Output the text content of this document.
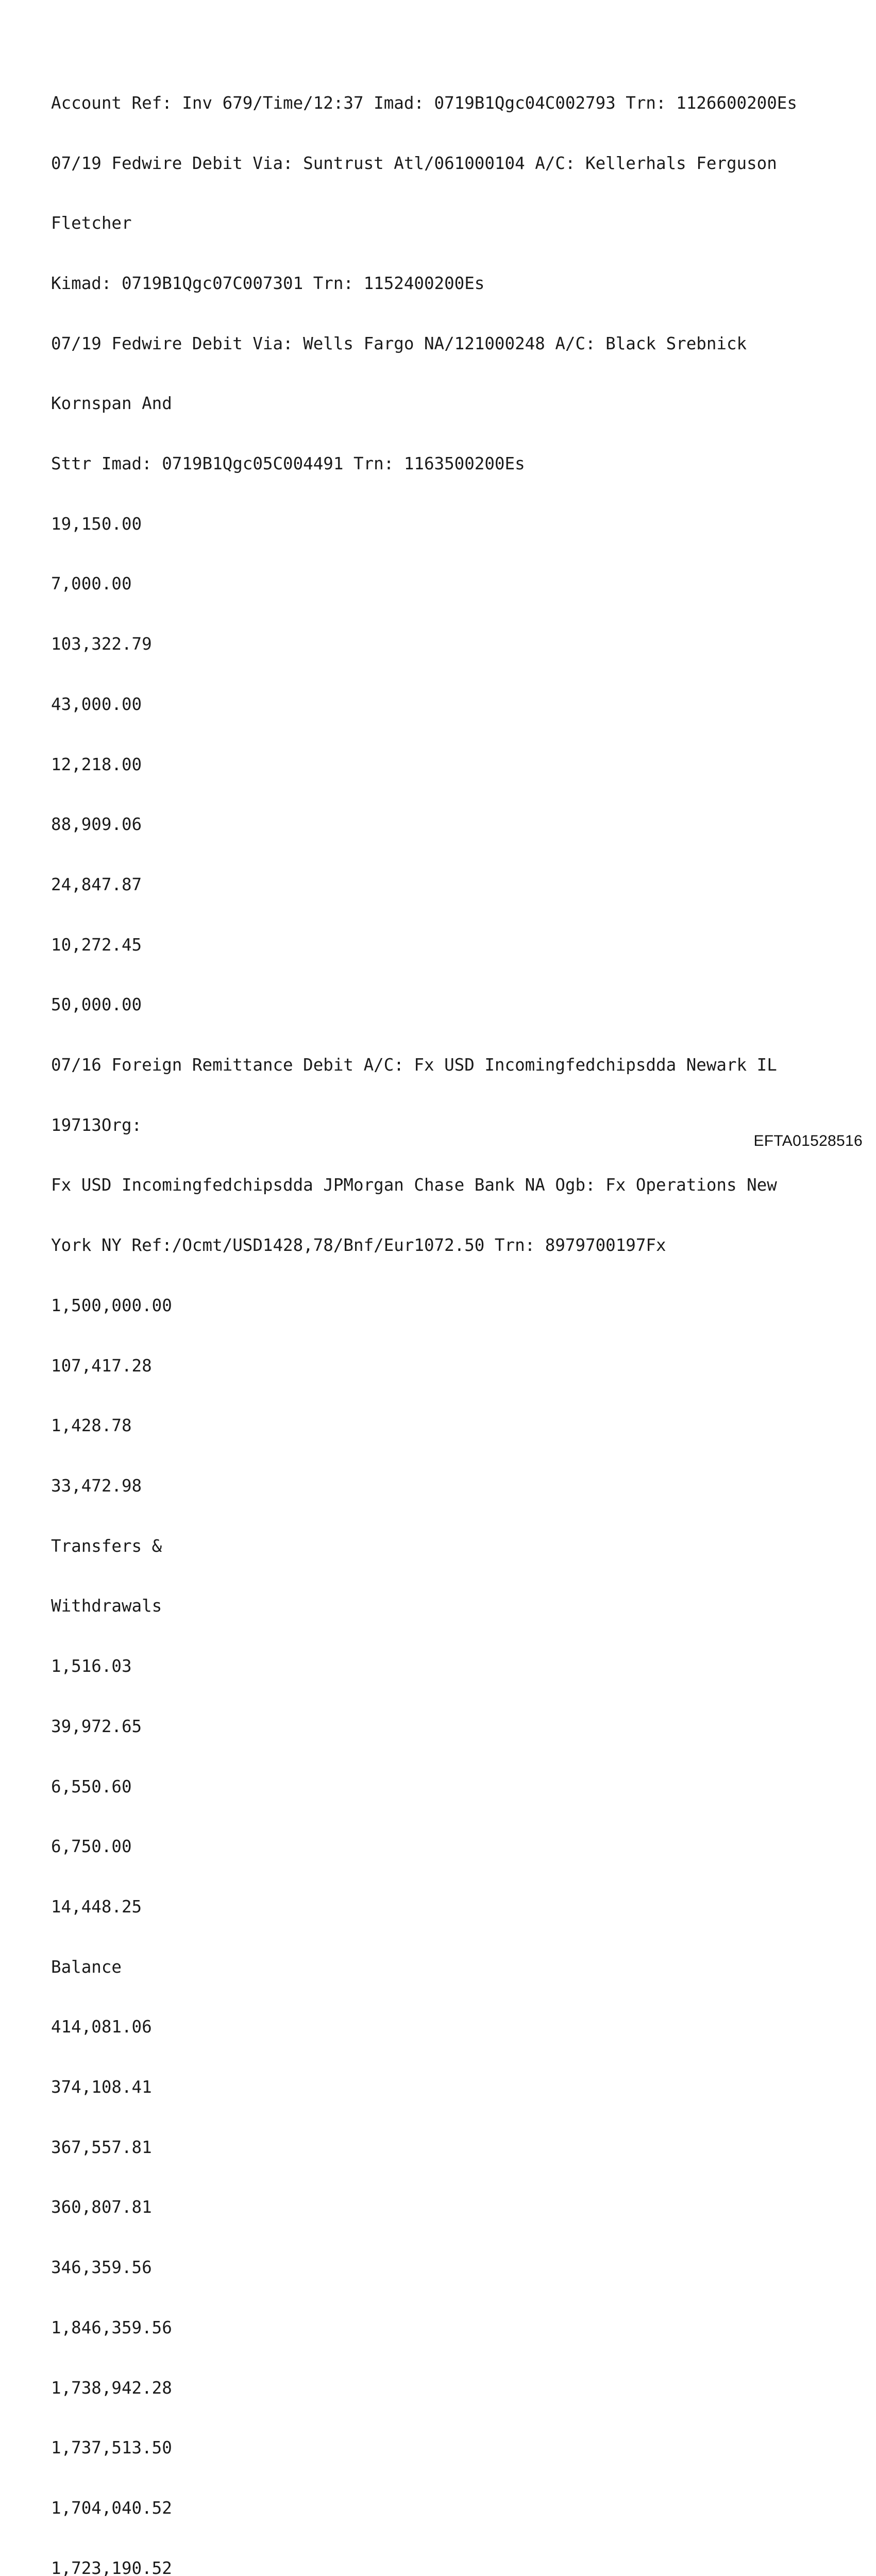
Account Ref: Inv 679/Time/12:37 Imad: 0719B1Qgc04C002793 Trn: 1126600200Es

07/19 Fedwire Debit Via: Suntrust Atl/061000104 A/C: Kellerhals Ferguson

Fletcher

Kimad: 0719B1Qgc07C007301 Trn: 1152400200Es

07/19 Fedwire Debit Via: Wells Fargo NA/121000248 A/C: Black Srebnick

Kornspan And

Sttr Imad: 0719B1Qgc05C004491 Trn: 1163500200Es

19,150.00

7,000.00

103,322.79

43,000.00

12,218.00

88,909.06

24,847.87

10,272.45

50,000.00

07/16 Foreign Remittance Debit A/C: Fx USD Incomingfedchipsdda Newark IL

19713Org:

Fx USD Incomingfedchipsdda JPMorgan Chase Bank NA Ogb: Fx Operations New

York NY Ref:/Ocmt/USD1428,78/Bnf/Eur1072.50 Trn: 8979700197Fx

1,500,000.00

107,417.28

1,428.78

33,472.98

Transfers &

Withdrawals

1,516.03

39,972.65

6,550.60

6,750.00

14,448.25

Balance

414,081.06

374,108.41

367,557.81

360,807.81

346,359.56

1,846,359.56

1,738,942.28

1,737,513.50

1,704,040.52

1,723,190.52

EFTA01528516
